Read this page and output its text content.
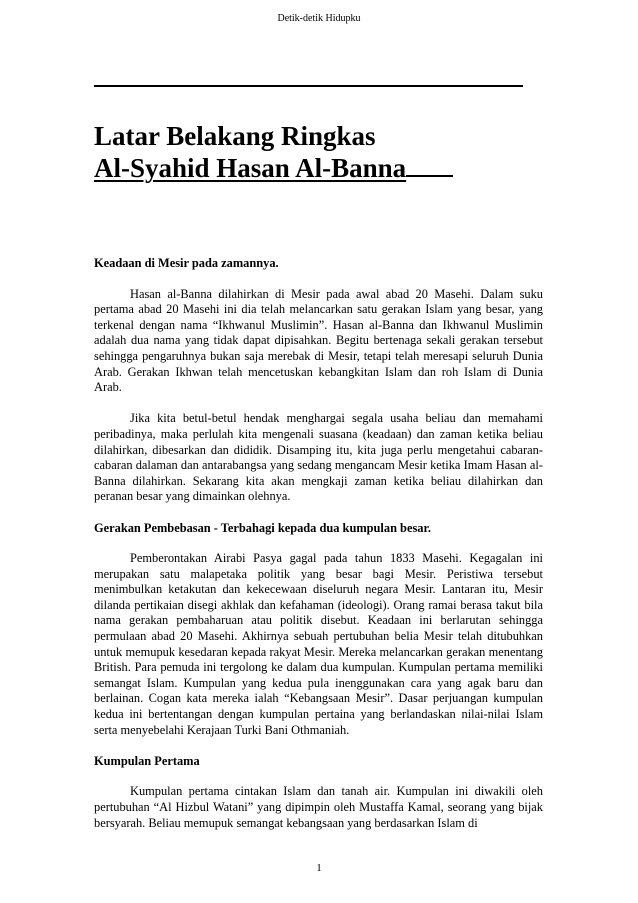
Detik-detik Hidupku
Latar Belakang Ringkas
Al-Syahid Hasan Al-Banna
Keadaan di Mesir pada zamannya.

Hasan al-Banna dilahirkan di Mesir pada awal abad 20 Masehi. Dalam suku pertama abad 20 Masehi ini dia telah melancarkan satu gerakan Islam yang besar, yang terkenal dengan nama “Ikhwanul Muslimin”. Hasan al-Banna dan Ikhwanul Muslimin adalah dua nama yang tidak dapat dipisahkan. Begitu bertenaga sekali gerakan tersebut sehingga pengaruhnya bukan saja merebak di Mesir, tetapi telah meresapi seluruh Dunia Arab. Gerakan Ikhwan telah mencetuskan kebangkitan Islam dan roh Islam di Dunia Arab.

Jika kita betul-betul hendak menghargai segala usaha beliau dan memahami peribadinya, maka perlulah kita mengenali suasana (keadaan) dan zaman ketika beliau dilahirkan, dibesarkan dan dididik. Disamping itu, kita juga perlu mengetahui cabaran-cabaran dalaman dan antarabangsa yang sedang mengancam Mesir ketika Imam Hasan al-Banna dilahirkan. Sekarang kita akan mengkaji zaman ketika beliau dilahirkan dan peranan besar yang dimainkan olehnya.

Gerakan Pembebasan - Terbahagi kepada dua kumpulan besar.

Pemberontakan Airabi Pasya gagal pada tahun 1833 Masehi. Kegagalan ini merupakan satu malapetaka politik yang besar bagi Mesir. Peristiwa tersebut menimbulkan ketakutan dan kekecewaan diseluruh negara Mesir. Lantaran itu, Mesir dilanda pertikaian disegi akhlak dan kefahaman (ideologi). Orang ramai berasa takut bila nama gerakan pembaharuan atau politik disebut. Keadaan ini berlarutan sehingga permulaan abad 20 Masehi. Akhirnya sebuah pertubuhan belia Mesir telah ditubuhkan untuk memupuk kesedaran kepada rakyat Mesir. Mereka melancarkan gerakan menentang British. Para pemuda ini tergolong ke dalam dua kumpulan. Kumpulan pertama memiliki semangat Islam. Kumpulan yang kedua pula inenggunakan cara yang agak baru dan berlainan. Cogan kata mereka ialah “Kebangsaan Mesir”. Dasar perjuangan kumpulan kedua ini bertentangan dengan kumpulan pertaina yang berlandaskan nilai-nilai Islam serta menyebelahi Kerajaan Turki Bani Othmaniah.

Kumpulan Pertama

Kumpulan pertama cintakan Islam dan tanah air. Kumpulan ini diwakili oleh pertubuhan “Al Hizbul Watani” yang dipimpin oleh Mustaffa Kamal, seorang yang bijak bersyarah. Beliau memupuk semangat kebangsaan yang berdasarkan Islam di

1
